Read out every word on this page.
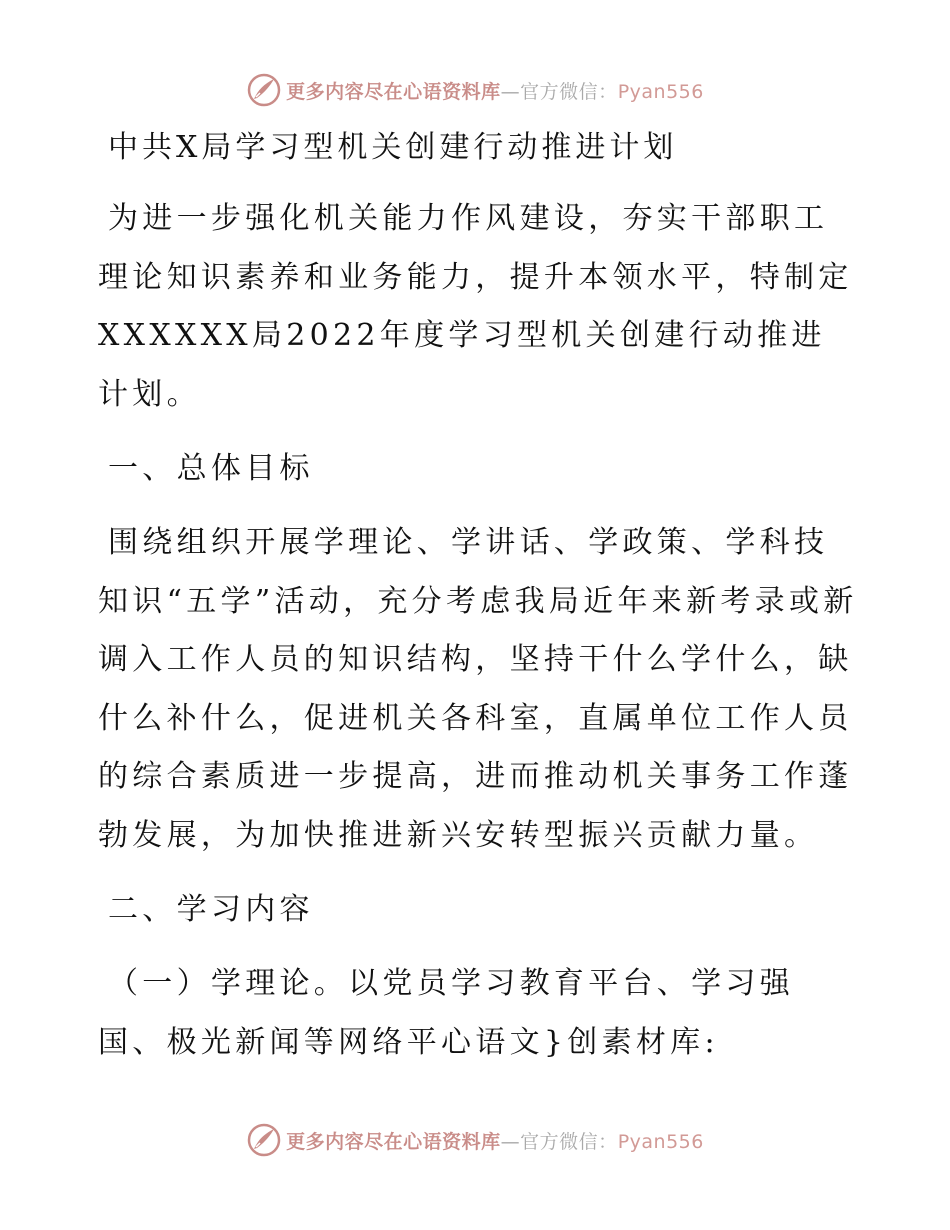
更多内容尽在心语资料库—官方微信：Pyan556
中共X局学习型机关创建行动推进计划

为进一步强化机关能力作风建设，夯实干部职工理论知识素养和业务能力，提升本领水平，特制定XXXXXX局2022年度学习型机关创建行动推进计划。

一、总体目标

围绕组织开展学理论、学讲话、学政策、学科技知识“五学”活动，充分考虑我局近年来新考录或新调入工作人员的知识结构，坚持干什么学什么，缺什么补什么，促进机关各科室，直属单位工作人员的综合素质进一步提高，进而推动机关事务工作蓬勃发展，为加快推进新兴安转型振兴贡献力量。

二、学习内容

（一）学理论。以党员学习教育平台、学习强国、极光新闻等网络平心语文}创素材库:

更多内容尽在心语资料库—官方微信：Pyan556
